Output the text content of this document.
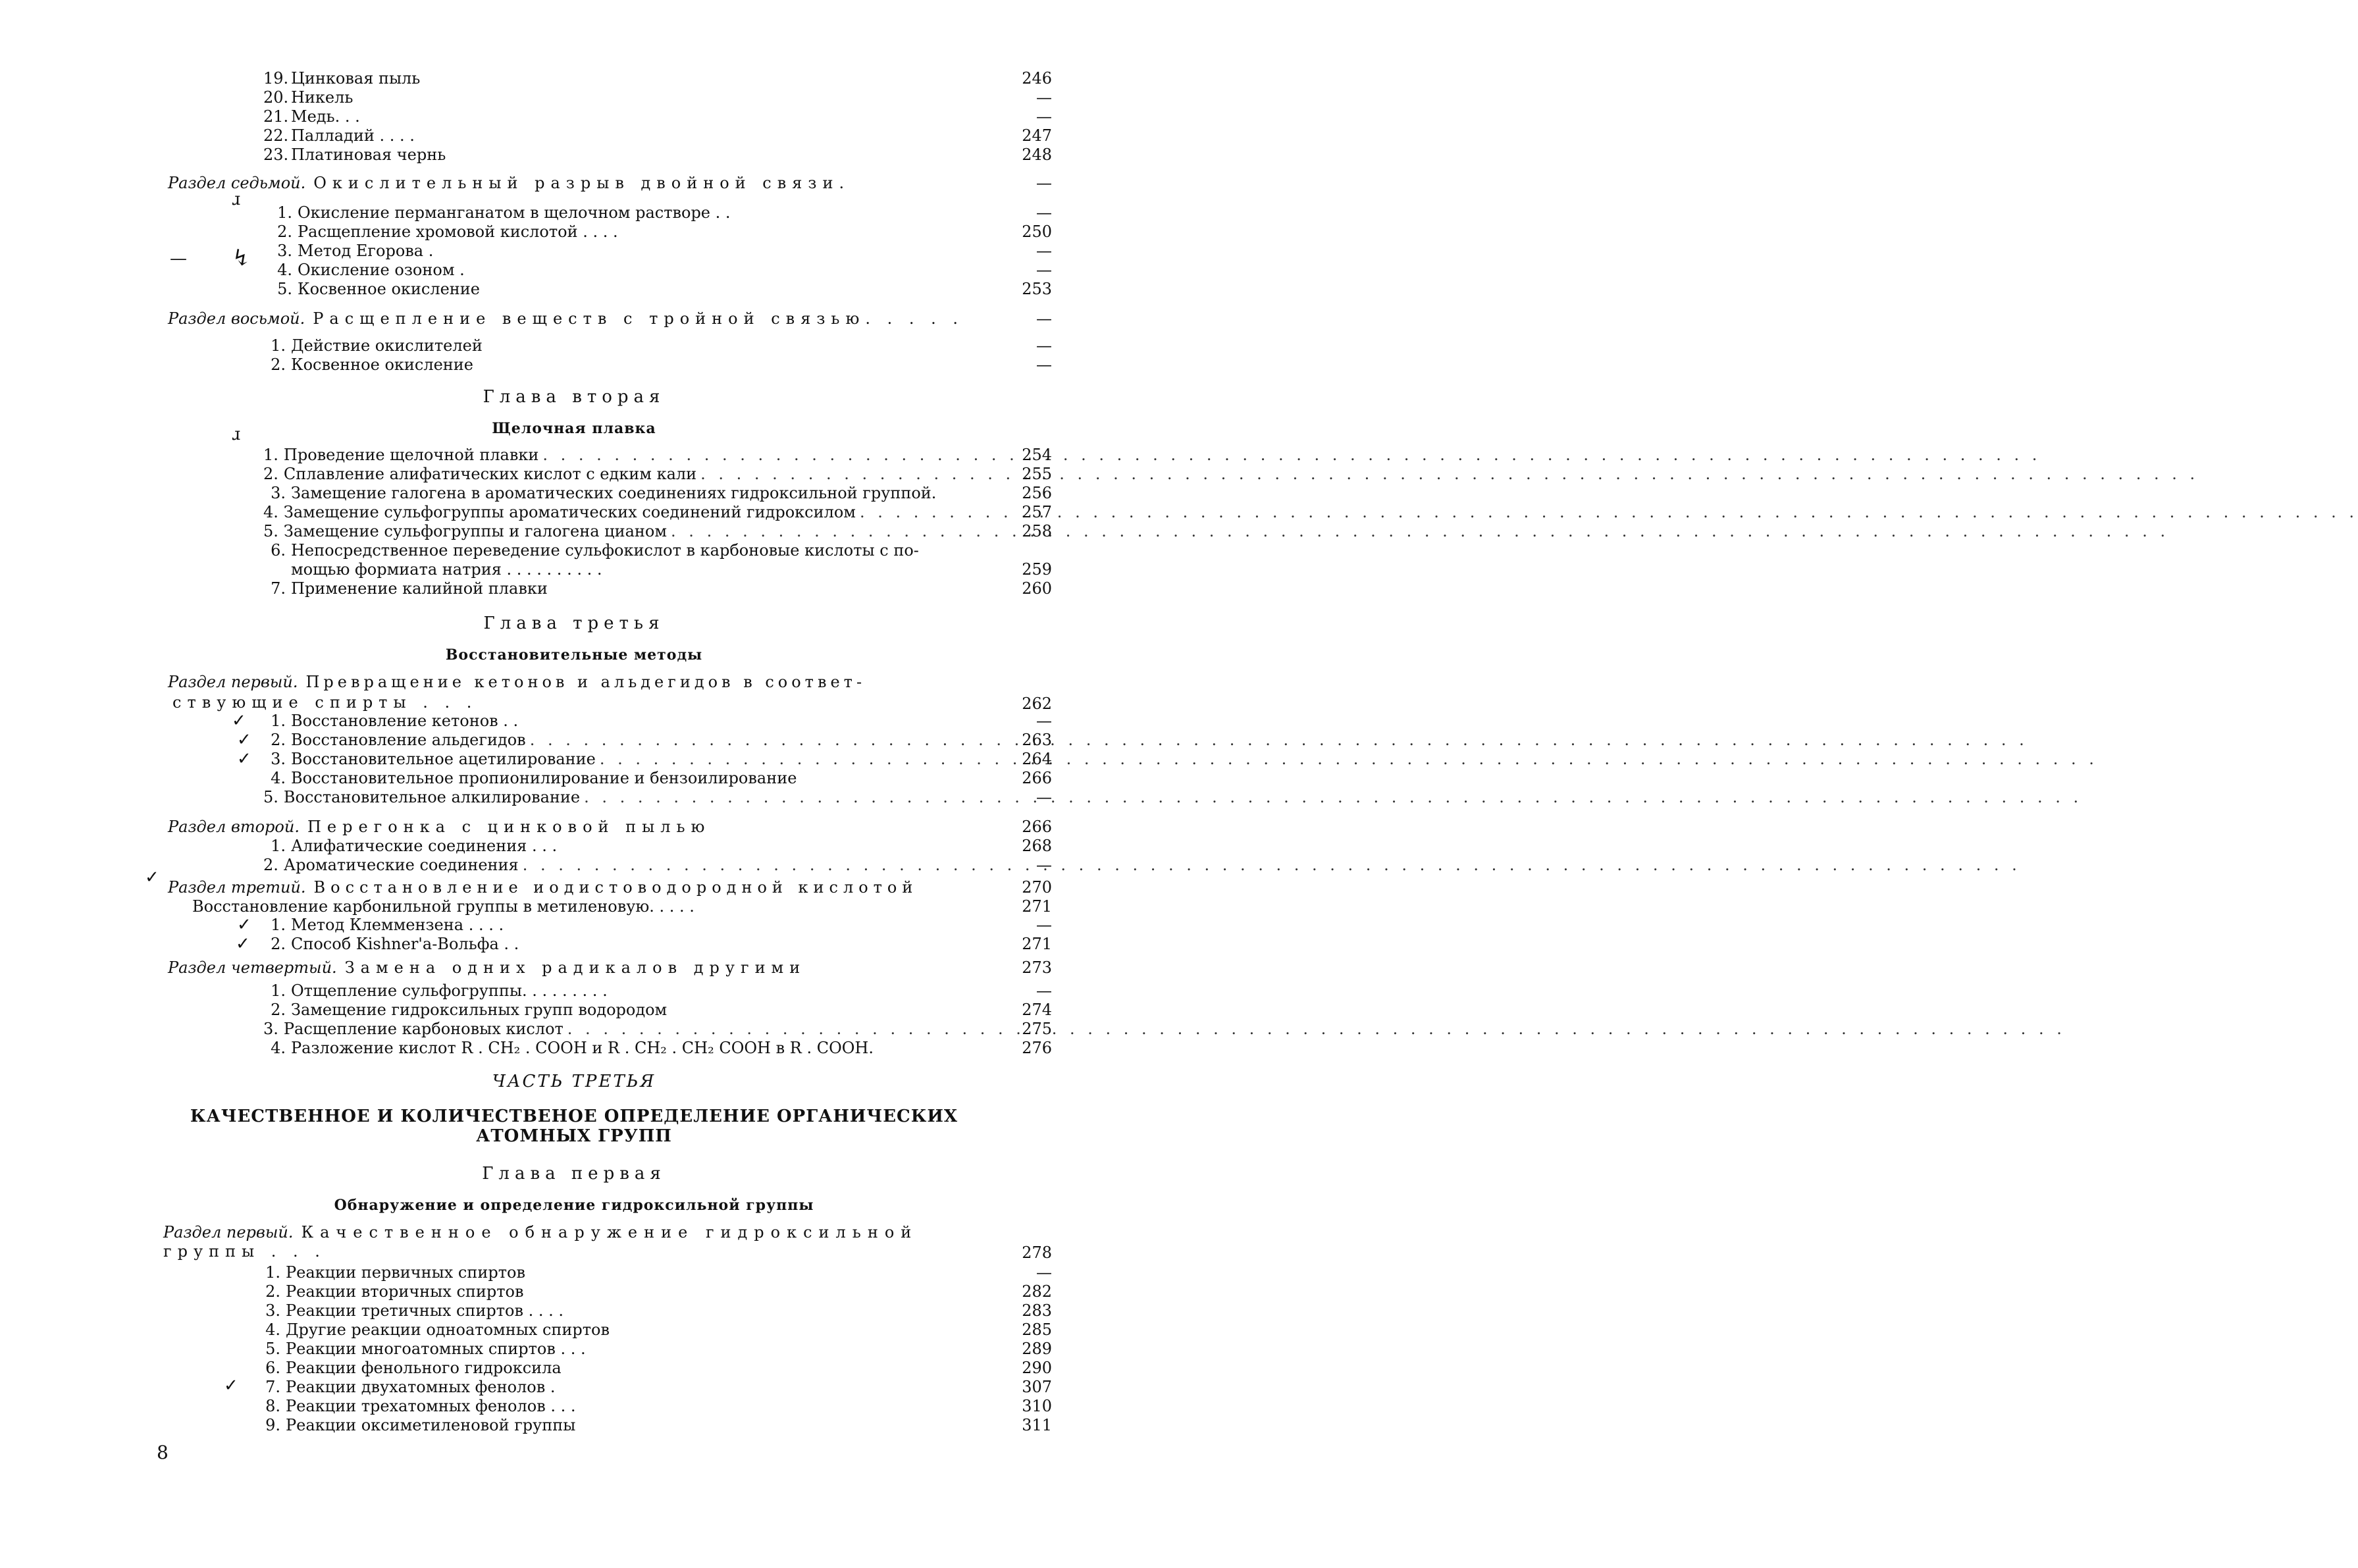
19. Цинковая пыль	246
20. Никель	—
21. Медь. . .	—
22. Палладий . . . .	247
23. Платиновая чернь	248
Раздел седьмой. Окислительный разрыв двойной связи.	—
ɹ
1. Окисление перманганатом в щелочном растворе . .	—
2. Расщепление хромовой кислотой . . . .	250
3. Метод Егорова .	—
4. Окисление озоном .	—
5. Косвенное окисление	253
— ↯
Раздел восьмой. Расщепление веществ с тройной связью. . . . .	—
1. Действие окислителей	—
2. Косвенное окисление	—
Глава вторая
Щелочная плавка
ɹ
1. Проведение щелочной плавки . . .	254
2. Сплавление алифатических кислот с едким кали . . .	255
3. Замещение галогена в ароматических соединениях гидроксильной группой.	256
4. Замещение сульфогруппы ароматических соединений гидроксилом . . .	257
5. Замещение сульфогруппы и галогена цианом . . .	258
6. Непосредственное переведение сульфокислот в карбоновые кислоты с по-
мощью формиата натрия . . . . . . . . . .	259
7. Применение калийной плавки	260
Глава третья
Восстановительные методы
Раздел первый. Превращение кетонов и альдегидов в соответ-
ствующие спирты . . .	262
1. Восстановление кетонов . .	—
2. Восстановление альдегидов . . .	263
3. Восстановительное ацетилирование . . .	264
4. Восстановительное пропионилирование и бензоилирование	266
5. Восстановительное алкилирование . . .	—
✓
✓
✓
Раздел второй. Перегонка с цинковой пылью	266
1. Алифатические соединения . . .	268
2. Ароматические соединения . . .	—
Раздел третий. Восстановление иодистоводородной кислотой	270
✓
Восстановление карбонильной группы в метиленовую. . . . .	271
1. Метод Клеммензена . . . .	—
2. Способ Kishner'а-Вольфа . .	271
✓
✓
Раздел четвертый. Замена одних радикалов другими	273
1. Отщепление сульфогруппы. . . . . . . . .	—
2. Замещение гидроксильных групп водородом	274
3. Расщепление карбоновых кислот . . .	275
4. Разложение кислот R . CH₂ . COOH и R . CH₂ . CH₂ COOH в R . COOH.	276
ЧАСТЬ ТРЕТЬЯ
КАЧЕСТВЕННОЕ И КОЛИЧЕСТВЕНОЕ ОПРЕДЕЛЕНИЕ ОРГАНИЧЕСКИХ
АТОМНЫХ ГРУПП
Глава первая
Обнаружение и определение гидроксильной группы
Раздел первый. Качественное обнаружение гидроксильной
группы . . .	278
1. Реакции первичных спиртов	—
2. Реакции вторичных спиртов	282
3. Реакции третичных спиртов . . . .	283
4. Другие реакции одноатомных спиртов	285
5. Реакции многоатомных спиртов . . .	289
6. Реакции фенольного гидроксила	290
7. Реакции двухатомных фенолов .	307
8. Реакции трехатомных фенолов . . .	310
9. Реакции оксиметиленовой группы	311
✓
8
